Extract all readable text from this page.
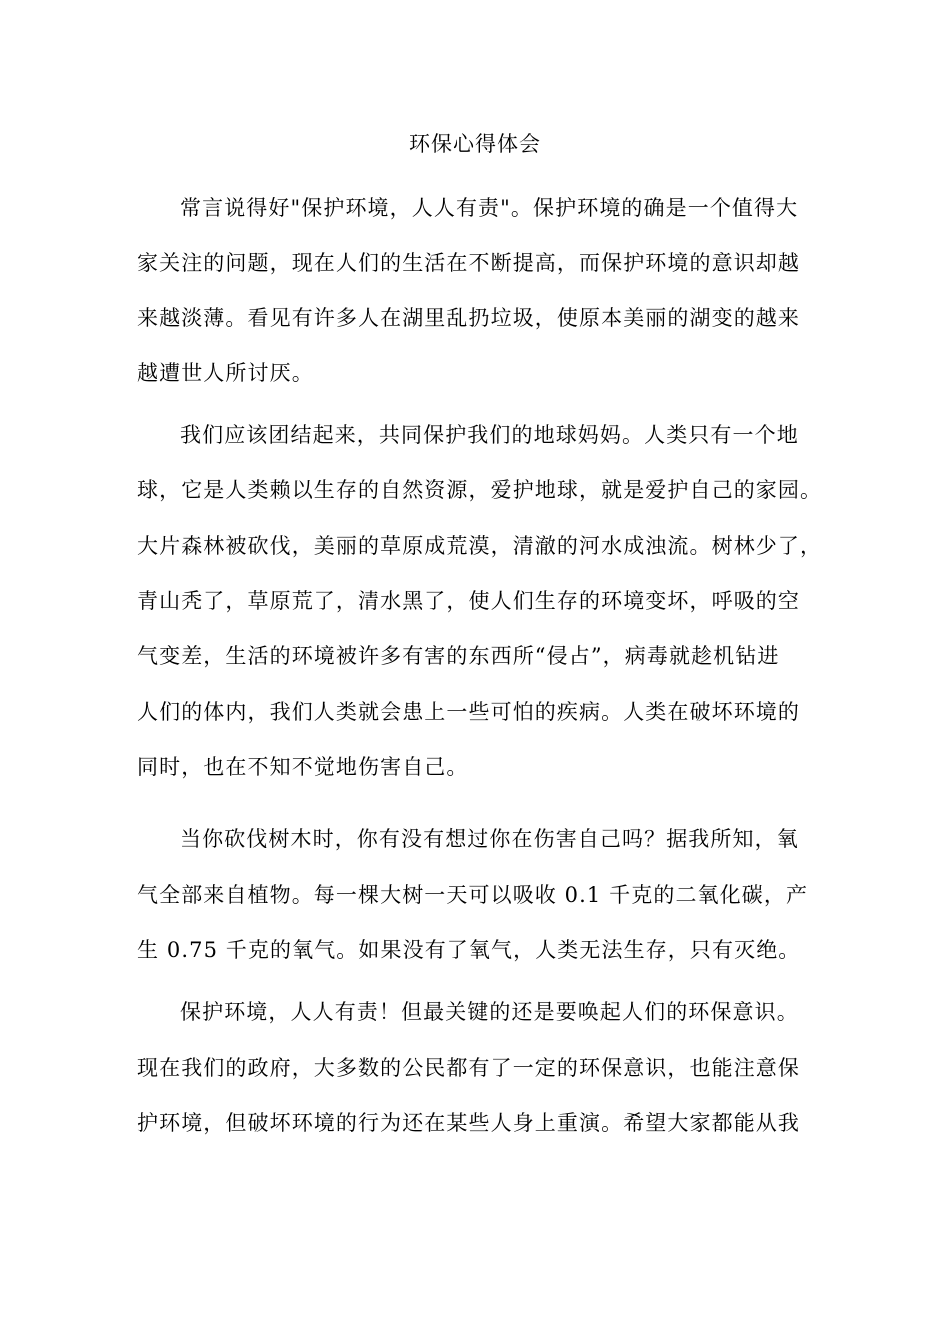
环保心得体会
常言说得好"保护环境，人人有责"。保护环境的确是一个值得大
家关注的问题，现在人们的生活在不断提高，而保护环境的意识却越
来越淡薄。看见有许多人在湖里乱扔垃圾，使原本美丽的湖变的越来
越遭世人所讨厌。
我们应该团结起来，共同保护我们的地球妈妈。人类只有一个地
球，它是人类赖以生存的自然资源，爱护地球，就是爱护自己的家园。
大片森林被砍伐，美丽的草原成荒漠，清澈的河水成浊流。树林少了，
青山秃了，草原荒了，清水黑了，使人们生存的环境变坏，呼吸的空
气变差，生活的环境被许多有害的东西所“侵占”，病毒就趁机钻进
人们的体内，我们人类就会患上一些可怕的疾病。人类在破坏环境的
同时，也在不知不觉地伤害自己。
当你砍伐树木时，你有没有想过你在伤害自己吗？据我所知，氧
气全部来自植物。每一棵大树一天可以吸收 0.1 千克的二氧化碳，产
生 0.75 千克的氧气。如果没有了氧气，人类无法生存，只有灭绝。
保护环境，人人有责！但最关键的还是要唤起人们的环保意识。
现在我们的政府，大多数的公民都有了一定的环保意识，也能注意保
护环境，但破坏环境的行为还在某些人身上重演。希望大家都能从我
